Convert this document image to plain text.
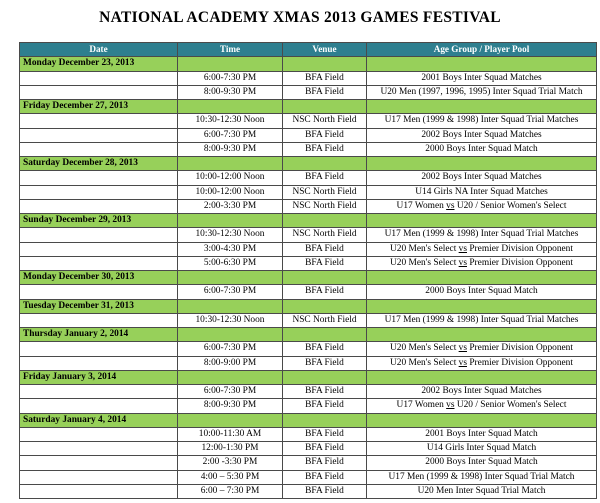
NATIONAL ACADEMY XMAS 2013 GAMES FESTIVAL
Date	Time	Venue	Age Group / Player Pool
Monday December 23, 2013			
	6:00-7:30 PM	BFA Field	2001 Boys Inter Squad Matches
	8:00-9:30 PM	BFA Field	U20 Men (1997, 1996, 1995) Inter Squad Trial Match
Friday December 27, 2013			
	10:30-12:30 Noon	NSC North Field	U17 Men (1999 & 1998) Inter Squad Trial Matches
	6:00-7:30 PM	BFA Field	2002 Boys Inter Squad Matches
	8:00-9:30 PM	BFA Field	2000 Boys Inter Squad Match
Saturday December 28, 2013			
	10:00-12:00 Noon	BFA Field	2002 Boys Inter Squad Matches
	10:00-12:00 Noon	NSC North Field	U14 Girls NA Inter Squad Matches
	2:00-3:30 PM	NSC North Field	U17 Women vs U20 / Senior Women's Select
Sunday December 29, 2013			
	10:30-12:30 Noon	NSC North Field	U17 Men (1999 & 1998) Inter Squad Trial Matches
	3:00-4:30 PM	BFA Field	U20 Men's Select vs Premier Division Opponent
	5:00-6:30 PM	BFA Field	U20 Men's Select vs Premier Division Opponent
Monday December 30, 2013			
	6:00-7:30 PM	BFA Field	2000 Boys Inter Squad Match
Tuesday December 31, 2013			
	10:30-12:30 Noon	NSC North Field	U17 Men (1999 & 1998) Inter Squad Trial Matches
Thursday January 2, 2014			
	6:00-7:30 PM	BFA Field	U20 Men's Select vs Premier Division Opponent
	8:00-9:00 PM	BFA Field	U20 Men's Select vs Premier Division Opponent
Friday January 3, 2014			
	6:00-7:30 PM	BFA Field	2002 Boys Inter Squad Matches
	8:00-9:30 PM	BFA Field	U17 Women vs U20 / Senior Women's Select
Saturday January 4, 2014			
	10:00-11:30 AM	BFA Field	2001 Boys Inter Squad Match
	12:00-1:30 PM	BFA Field	U14 Girls Inter Squad Match
	2:00 -3:30 PM	BFA Field	2000 Boys Inter Squad Match
	4:00 – 5:30 PM	BFA Field	U17 Men (1999 & 1998) Inter Squad Trial Match
	6:00 – 7:30 PM	BFA Field	U20 Men Inter Squad Trial Match
